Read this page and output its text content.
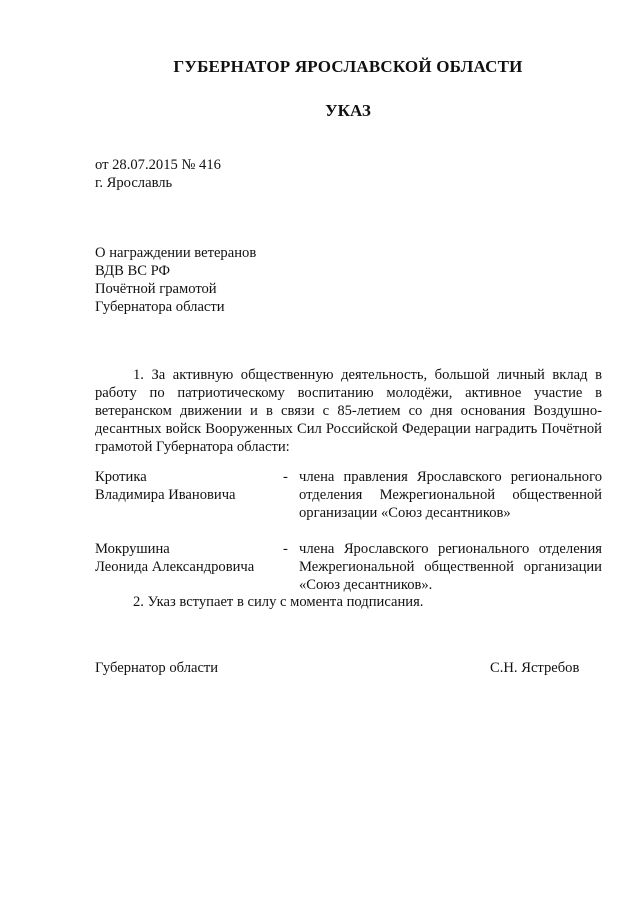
ГУБЕРНАТОР ЯРОСЛАВСКОЙ ОБЛАСТИ
УКАЗ
от 28.07.2015 № 416
г. Ярославль
О награждении ветеранов
ВДВ ВС РФ
Почётной грамотой
Губернатора области
1. За активную общественную деятельность, большой личный вклад в работу по патриотическому воспитанию молодёжи, активное участие в ветеранском движении и в связи с 85-летием со дня основания Воздушно-десантных войск Вооруженных Сил Российской Федерации наградить Почётной грамотой Губернатора области:
Кротика
Владимира Ивановича
- члена правления Ярославского регионального отделения Межрегиональной общественной организации «Союз десантников»
Мокрушина
Леонида Александровича
- члена Ярославского регионального отделения Межрегиональной общественной организации «Союз десантников».
2. Указ вступает в силу с момента подписания.
Губернатор области	С.Н. Ястребов
